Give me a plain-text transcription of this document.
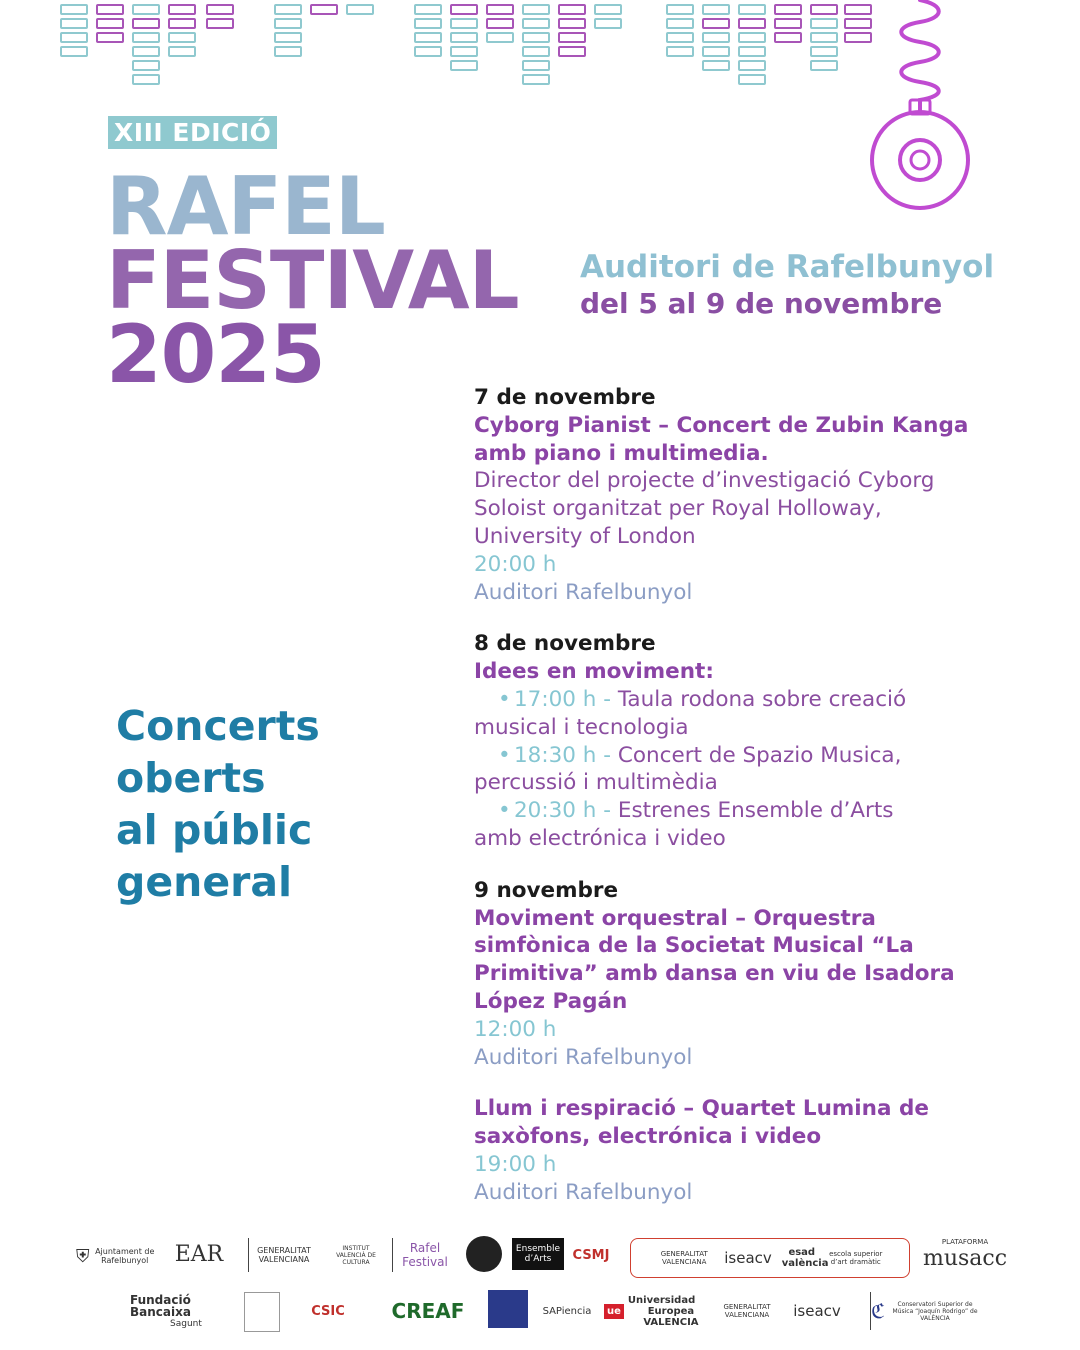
XIII EDICIÓ
RAFEL
FESTIVAL
2025
Auditori de Rafelbunyol
del 5 al 9 de novembre
Concerts
oberts
al públic
general
7 de novembre
Cyborg Pianist – Concert de Zubin Kanga amb piano i multimedia.
Director del projecte d’investigació Cyborg Soloist organitzat per Royal Holloway, University of London
20:00 h
Auditori Rafelbunyol
8 de novembre
Idees en moviment:
• 17:00 h - Taula rodona sobre creació
musical i tecnologia
• 18:30 h - Concert de Spazio Musica,
percussió i multimèdia
• 20:30 h - Estrenes Ensemble d’Arts
amb electrónica i video
9 novembre
Moviment orquestral – Orquestra simfònica de la Societat Musical “La Primitiva” amb dansa en viu de Isadora López Pagán
12:00 h
Auditori Rafelbunyol
Llum i respiració – Quartet Lumina de saxòfons, electrónica i video
19:00 h
Auditori Rafelbunyol
⛨ Ajuntament de Rafelbunyol	EAR	GENERALITAT VALENCIANA
INSTITUT VALENCIÀ DE CULTURA
Rafel Festival
Ensemble d’Arts	CSMJ	GENERALITAT VALENCIANA	iseacv	esad valència
escola superior d’art dramàtic
PLATAFORMA
musacc
Fundació
Bancaixa
Sagunt
CSIC	CREAF	SAPiencia	ue
Universidad
Europea VALENCIA
GENERALITAT VALENCIANA	iseacv	ℭ	Conservatori Superior de Música “Joaquín Rodrigo” de VALÈNCIA
